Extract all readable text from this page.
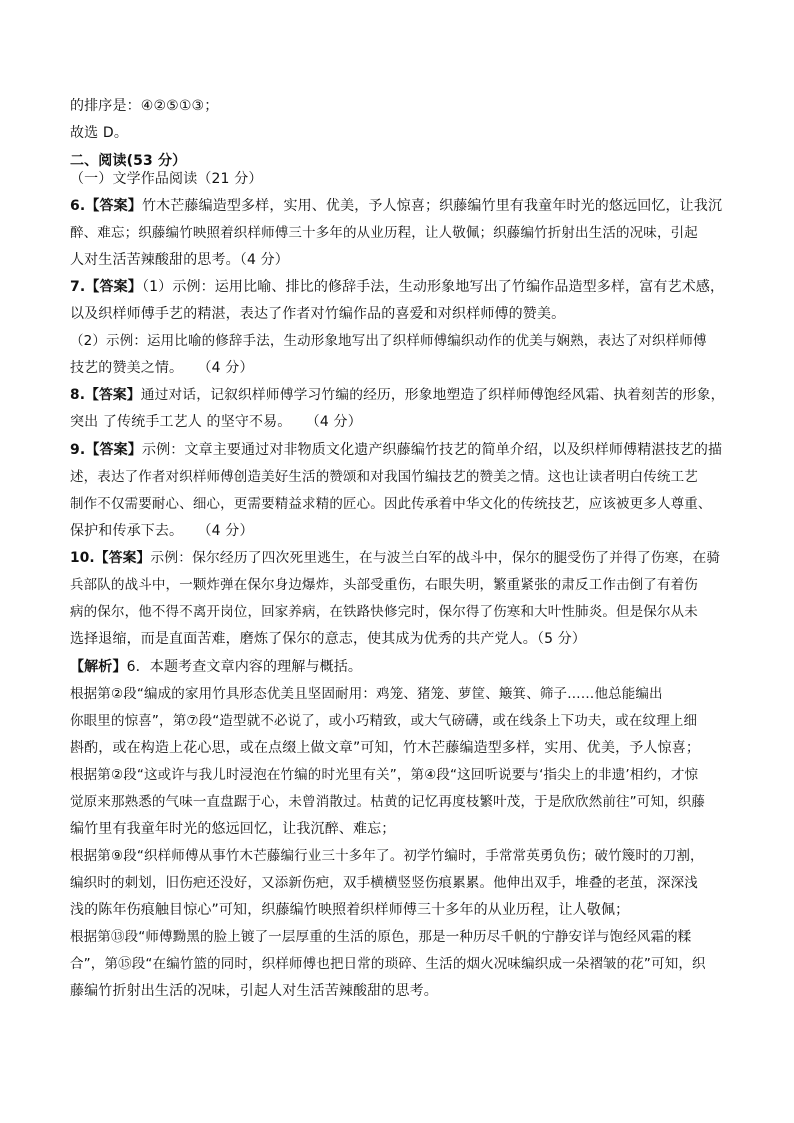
的排序是：④②⑤①③；
故选 D。
二、阅读(53 分）
（一）文学作品阅读（21 分）
6.【答案】竹木芒藤编造型多样，实用、优美，予人惊喜；织藤编竹里有我童年时光的悠远回忆，让我沉
醉、难忘；织藤编竹映照着织样师傅三十多年的从业历程，让人敬佩；织藤编竹折射出生活的况味，引起
人对生活苦辣酸甜的思考。（4 分）
7.【答案】（1）示例：运用比喻、排比的修辞手法，生动形象地写出了竹编作品造型多样，富有艺术感，
以及织样师傅手艺的精湛，表达了作者对竹编作品的喜爱和对织样师傅的赞美。
（2）示例：运用比喻的修辞手法，生动形象地写出了织样师傅编织动作的优美与娴熟，表达了对织样师傅
技艺的赞美之情。　　（4 分）
8.【答案】通过对话，记叙织样师傅学习竹编的经历，形象地塑造了织样师傅饱经风霜、执着刻苦的形象，
突出 了传统手工艺人 的坚守不易。　　（4 分）
9.【答案】示例：文章主要通过对非物质文化遗产织藤编竹技艺的简单介绍，以及织样师傅精湛技艺的描
述，表达了作者对织样师傅创造美好生活的赞颂和对我国竹编技艺的赞美之情。这也让读者明白传统工艺
制作不仅需要耐心、细心，更需要精益求精的匠心。因此传承着中华文化的传统技艺，应该被更多人尊重、
保护和传承下去。　　（4 分）
10.【答案】示例：保尔经历了四次死里逃生，在与波兰白军的战斗中，保尔的腿受伤了并得了伤寒，在骑
兵部队的战斗中，一颗炸弹在保尔身边爆炸，头部受重伤，右眼失明，繁重紧张的肃反工作击倒了有着伤
病的保尔，他不得不离开岗位，回家养病，在铁路快修完时，保尔得了伤寒和大叶性肺炎。但是保尔从未
选择退缩，而是直面苦难，磨炼了保尔的意志，使其成为优秀的共产党人。（5 分）
【解析】6．本题考查文章内容的理解与概括。
根据第②段“编成的家用竹具形态优美且坚固耐用：鸡笼、猪笼、萝筐、簸箕、筛子……他总能编出
你眼里的惊喜”，第⑦段“造型就不必说了，或小巧精致，或大气磅礴，或在线条上下功夫，或在纹理上细
斟酌，或在构造上花心思，或在点缀上做文章”可知，竹木芒藤编造型多样，实用、优美，予人惊喜；
根据第②段“这或许与我儿时浸泡在竹编的时光里有关”，第④段“这回听说要与‘指尖上的非遗’相约，才惊
觉原来那熟悉的气味一直盘踞于心，未曾消散过。枯黄的记忆再度枝繁叶茂，于是欣欣然前往”可知，织藤
编竹里有我童年时光的悠远回忆，让我沉醉、难忘；
根据第⑨段“织样师傅从事竹木芒藤编行业三十多年了。初学竹编时，手常常英勇负伤；破竹篾时的刀割，
编织时的刺划，旧伤疤还没好，又添新伤疤，双手横横竖竖伤痕累累。他伸出双手，堆叠的老茧，深深浅
浅的陈年伤痕触目惊心”可知，织藤编竹映照着织样师傅三十多年的从业历程，让人敬佩；
根据第⑬段“师傅黝黑的脸上镀了一层厚重的生活的原色，那是一种历尽千帆的宁静安详与饱经风霜的糅
合”，第⑮段“在编竹篮的同时，织样师傅也把日常的琐碎、生活的烟火况味编织成一朵褶皱的花”可知，织
藤编竹折射出生活的况味，引起人对生活苦辣酸甜的思考。
